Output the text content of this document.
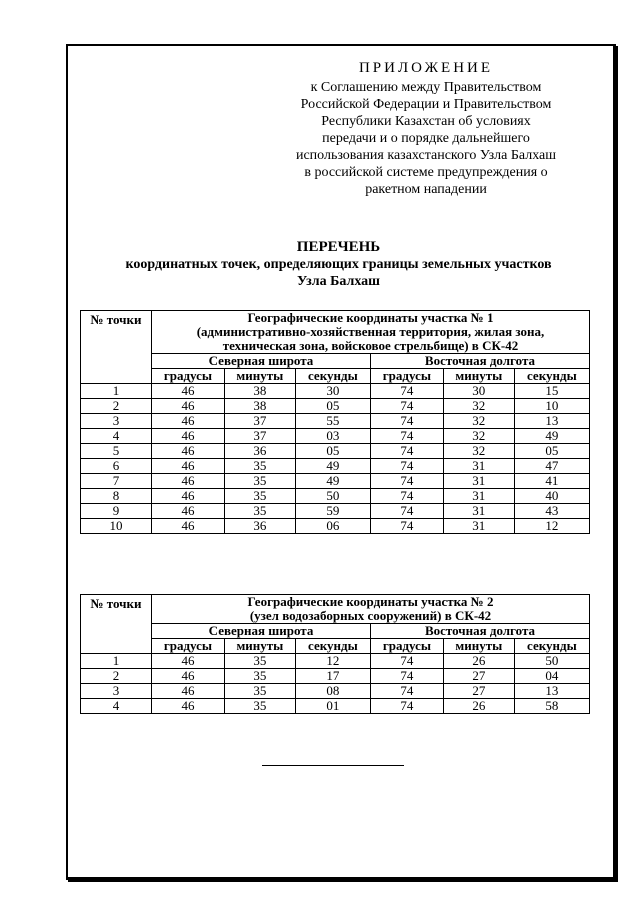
ПРИЛОЖЕНИЕ
к Соглашению между Правительством
Российской Федерации и Правительством
Республики Казахстан об условиях
передачи и о порядке дальнейшего
использования казахстанского Узла Балхаш
в российской системе предупреждения о
ракетном нападении
ПЕРЕЧЕНЬ
координатных точек, определяющих границы земельных участков
Узла Балхаш
№ точки	Географические координаты участка № 1
(административно-хозяйственная территория, жилая зона,
техническая зона, войсковое стрельбище) в СК-42					

	Северная широта			Восточная долгота		
	градусы	минуты	секунды	градусы	минуты	секунды
1	46	38	30	74	30	15
2	46	38	05	74	32	10
3	46	37	55	74	32	13
4	46	37	03	74	32	49
5	46	36	05	74	32	05
6	46	35	49	74	31	47
7	46	35	49	74	31	41
8	46	35	50	74	31	40
9	46	35	59	74	31	43
10	46	36	06	74	31	12
№ точки	Географические координаты участка № 2
(узел водозаборных сооружений) в СК-42					

	Северная широта			Восточная долгота		
	градусы	минуты	секунды	градусы	минуты	секунды
1	46	35	12	74	26	50
2	46	35	17	74	27	04
3	46	35	08	74	27	13
4	46	35	01	74	26	58
